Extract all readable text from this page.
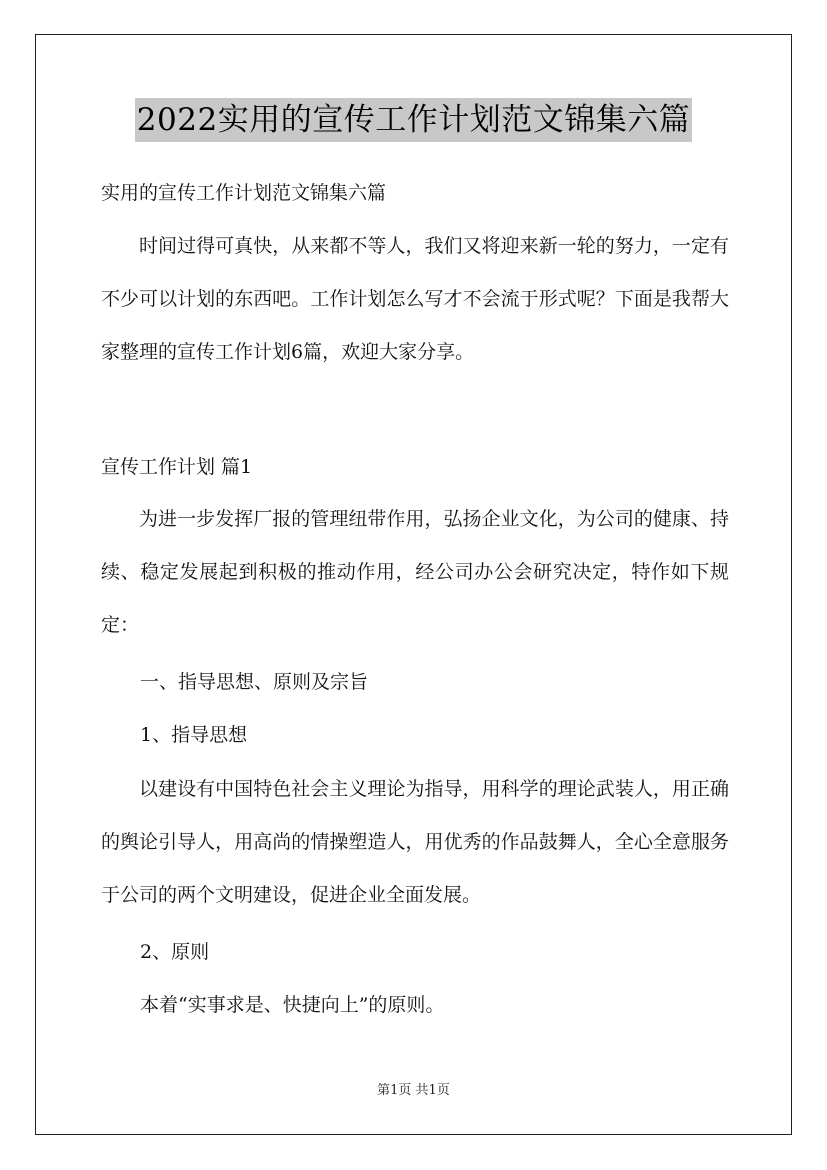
2022实用的宣传工作计划范文锦集六篇
实用的宣传工作计划范文锦集六篇
时间过得可真快，从来都不等人，我们又将迎来新一轮的努力，一定有不少可以计划的东西吧。工作计划怎么写才不会流于形式呢？下面是我帮大家整理的宣传工作计划6篇，欢迎大家分享。
宣传工作计划 篇1
为进一步发挥厂报的管理纽带作用，弘扬企业文化，为公司的健康、持续、稳定发展起到积极的推动作用，经公司办公会研究决定，特作如下规定：
一、指导思想、原则及宗旨
1、指导思想
以建设有中国特色社会主义理论为指导，用科学的理论武装人，用正确的舆论引导人，用高尚的情操塑造人，用优秀的作品鼓舞人，全心全意服务于公司的两个文明建设，促进企业全面发展。
2、原则
本着“实事求是、快捷向上”的原则。
第1页 共1页
